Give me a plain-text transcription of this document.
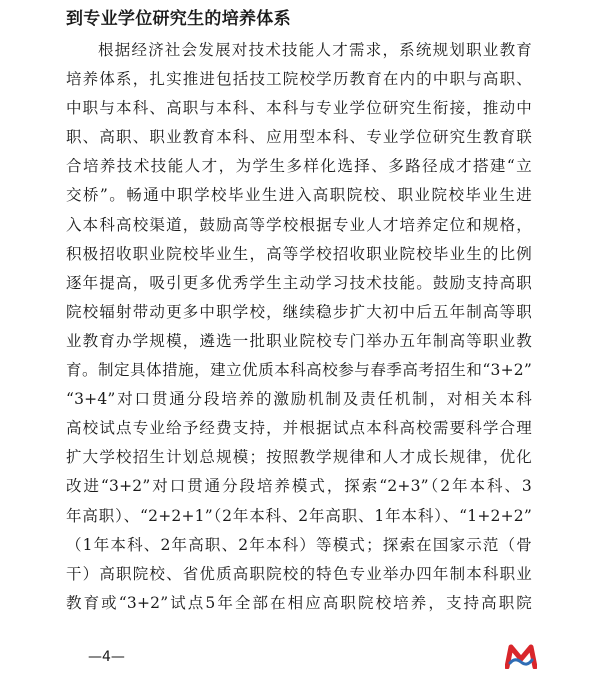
到专业学位研究生的培养体系
根据经济社会发展对技术技能人才需求，系统规划职业教育
培养体系，扎实推进包括技工院校学历教育在内的中职与高职、
中职与本科、高职与本科、本科与专业学位研究生衔接，推动中
职、高职、职业教育本科、应用型本科、专业学位研究生教育联
合培养技术技能人才，为学生多样化选择、多路径成才搭建“立
交桥”。畅通中职学校毕业生进入高职院校、职业院校毕业生进
入本科高校渠道，鼓励高等学校根据专业人才培养定位和规格，
积极招收职业院校毕业生，高等学校招收职业院校毕业生的比例
逐年提高，吸引更多优秀学生主动学习技术技能。鼓励支持高职
院校辐射带动更多中职学校，继续稳步扩大初中后五年制高等职
业教育办学规模，遴选一批职业院校专门举办五年制高等职业教
育。制定具体措施，建立优质本科高校参与春季高考招生和“3+2”
“3+4”对口贯通分段培养的激励机制及责任机制，对相关本科
高校试点专业给予经费支持，并根据试点本科高校需要科学合理
扩大学校招生计划总规模；按照教学规律和人才成长规律，优化
改进“3+2”对口贯通分段培养模式，探索“2+3”（2年本科、3
年高职）、“2+2+1”（2年本科、2年高职、1年本科）、“1+2+2”
（1年本科、2年高职、2年本科）等模式；探索在国家示范（骨
干）高职院校、省优质高职院校的特色专业举办四年制本科职业
教育或“3+2”试点5年全部在相应高职院校培养，支持高职院
—4—
